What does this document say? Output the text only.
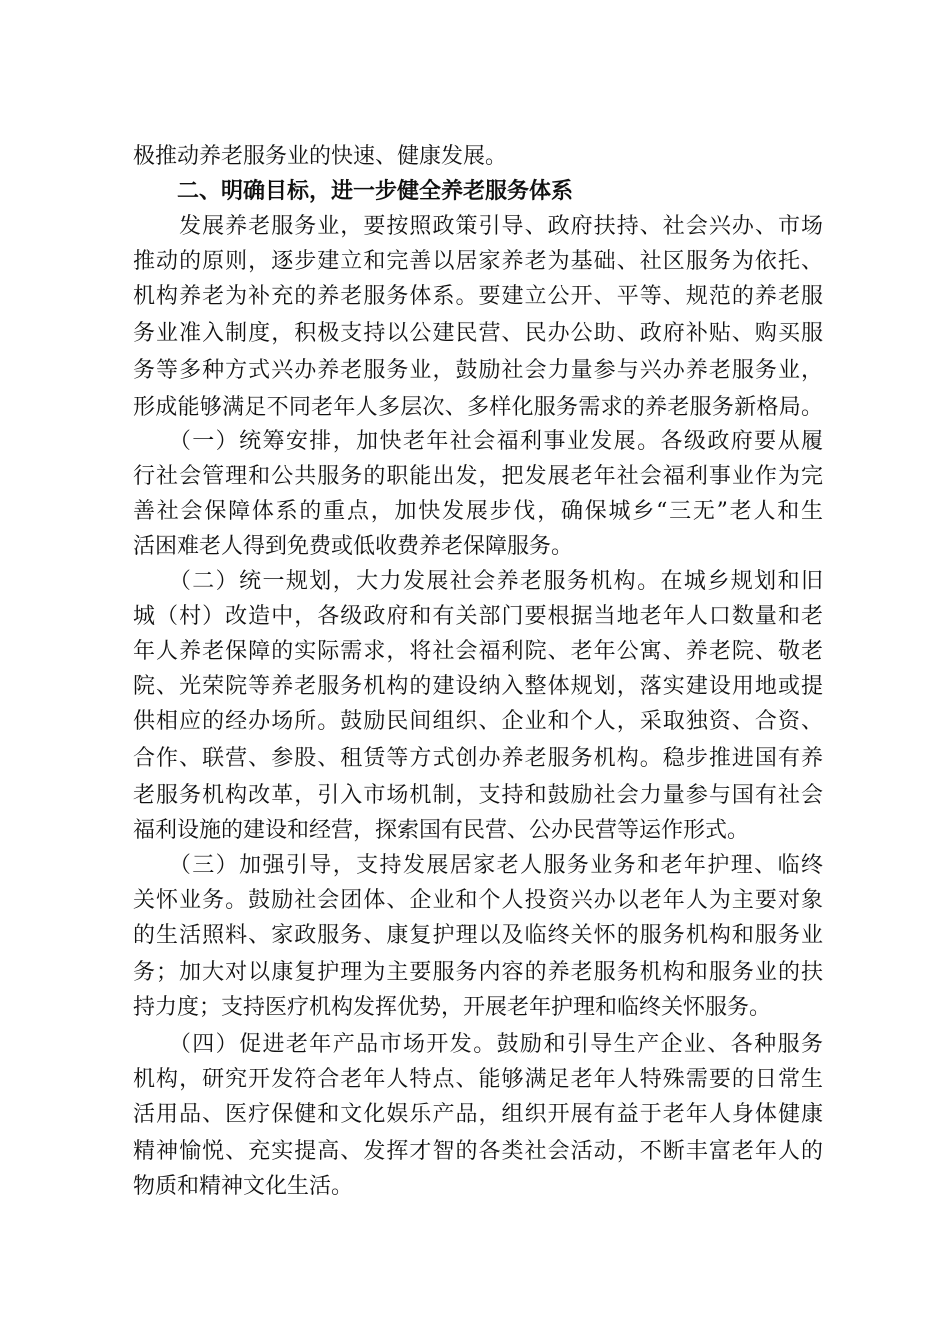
极推动养老服务业的快速、健康发展。
二、明确目标，进一步健全养老服务体系
　　发展养老服务业，要按照政策引导、政府扶持、社会兴办、市场
推动的原则，逐步建立和完善以居家养老为基础、社区服务为依托、
机构养老为补充的养老服务体系。要建立公开、平等、规范的养老服
务业准入制度，积极支持以公建民营、民办公助、政府补贴、购买服
务等多种方式兴办养老服务业，鼓励社会力量参与兴办养老服务业，
形成能够满足不同老年人多层次、多样化服务需求的养老服务新格局。
　　（一）统筹安排，加快老年社会福利事业发展。各级政府要从履
行社会管理和公共服务的职能出发，把发展老年社会福利事业作为完
善社会保障体系的重点，加快发展步伐，确保城乡“三无”老人和生
活困难老人得到免费或低收费养老保障服务。
　　（二）统一规划，大力发展社会养老服务机构。在城乡规划和旧
城（村）改造中，各级政府和有关部门要根据当地老年人口数量和老
年人养老保障的实际需求，将社会福利院、老年公寓、养老院、敬老
院、光荣院等养老服务机构的建设纳入整体规划，落实建设用地或提
供相应的经办场所。鼓励民间组织、企业和个人，采取独资、合资、
合作、联营、参股、租赁等方式创办养老服务机构。稳步推进国有养
老服务机构改革，引入市场机制，支持和鼓励社会力量参与国有社会
福利设施的建设和经营，探索国有民营、公办民营等运作形式。
　　（三）加强引导，支持发展居家老人服务业务和老年护理、临终
关怀业务。鼓励社会团体、企业和个人投资兴办以老年人为主要对象
的生活照料、家政服务、康复护理以及临终关怀的服务机构和服务业
务；加大对以康复护理为主要服务内容的养老服务机构和服务业的扶
持力度；支持医疗机构发挥优势，开展老年护理和临终关怀服务。
　　（四）促进老年产品市场开发。鼓励和引导生产企业、各种服务
机构，研究开发符合老年人特点、能够满足老年人特殊需要的日常生
活用品、医疗保健和文化娱乐产品，组织开展有益于老年人身体健康
精神愉悦、充实提高、发挥才智的各类社会活动，不断丰富老年人的
物质和精神文化生活。
